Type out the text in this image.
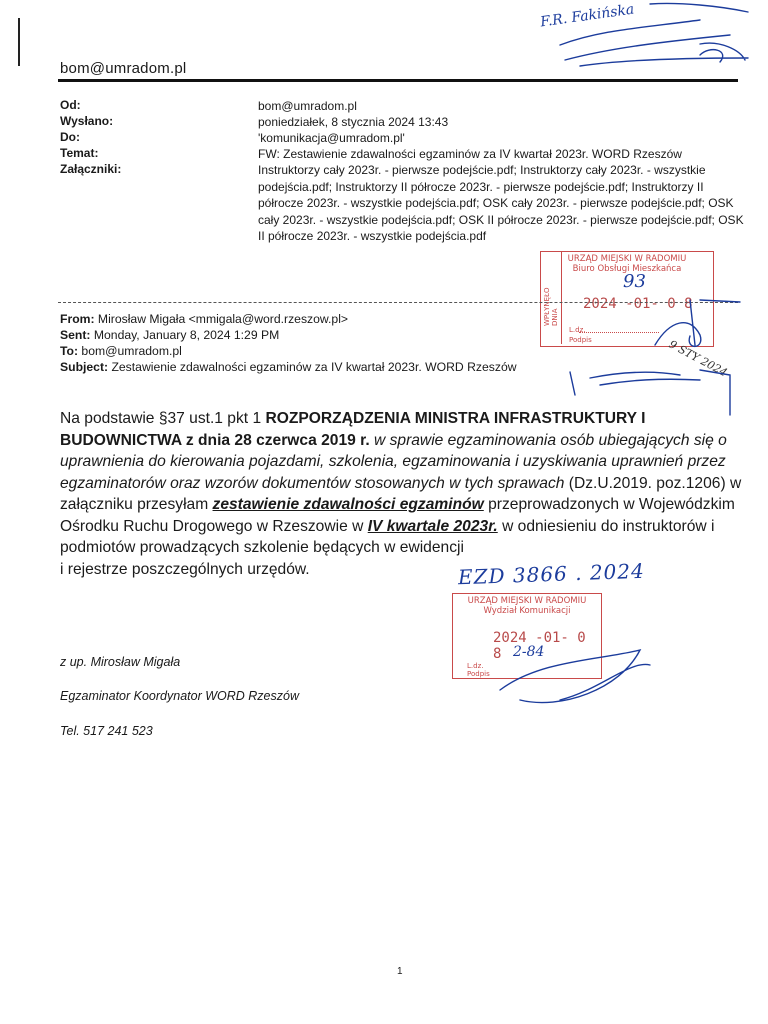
bom@umradom.pl
Od:	bom@umradom.pl
Wysłano:	poniedziałek, 8 stycznia 2024 13:43
Do:	'komunikacja@umradom.pl'
Temat:	FW: Zestawienie zdawalności egzaminów za IV kwartał 2023r. WORD Rzeszów
Załączniki:	Instruktorzy cały 2023r. - pierwsze podejście.pdf; Instruktorzy cały 2023r. - wszystkie podejścia.pdf; Instruktorzy II półrocze 2023r. - pierwsze podejście.pdf; Instruktorzy II półrocze 2023r. - wszystkie podejścia.pdf; OSK cały 2023r. - pierwsze podejście.pdf; OSK cały 2023r. - wszystkie podejścia.pdf; OSK II półrocze 2023r. - pierwsze podejście.pdf; OSK II półrocze 2023r. - wszystkie podejścia.pdf
URZĄD MIEJSKI W RADOMIU
Biuro Obsługi Mieszkańca
WPŁYNĘŁO DNIA
93
2024 -01- 0 8
L.dz.
Podpis
From: Mirosław Migała <mmigala@word.rzeszow.pl>
Sent: Monday, January 8, 2024 1:29 PM
To: bom@umradom.pl
Subject: Zestawienie zdawalności egzaminów za IV kwartał 2023r. WORD Rzeszów
Na podstawie §37 ust.1 pkt 1 ROZPORZĄDZENIA MINISTRA INFRASTRUKTURY I BUDOWNICTWA z dnia 28 czerwca 2019 r. w sprawie egzaminowania osób ubiegających się o uprawnienia do kierowania pojazdami, szkolenia, egzaminowania i uzyskiwania uprawnień przez egzaminatorów oraz wzorów dokumentów stosowanych w tych sprawach (Dz.U.2019. poz.1206) w załączniku przesyłam zestawienie zdawalności egzaminów przeprowadzonych w Wojewódzkim Ośrodku Ruchu Drogowego w Rzeszowie w IV kwartale 2023r. w odniesieniu do instruktorów i podmiotów prowadzących szkolenie będących w ewidencji
i rejestrze poszczególnych urzędów.
URZĄD MIEJSKI W RADOMIU
Wydział Komunikacji
2024 -01- 0 8
L.dz.
Podpis
2-84
F.R. Fakińska
EZD 3866 . 2024
9 STY 2024
z up. Mirosław Migała
Egzaminator Koordynator WORD Rzeszów
Tel. 517 241 523
1
